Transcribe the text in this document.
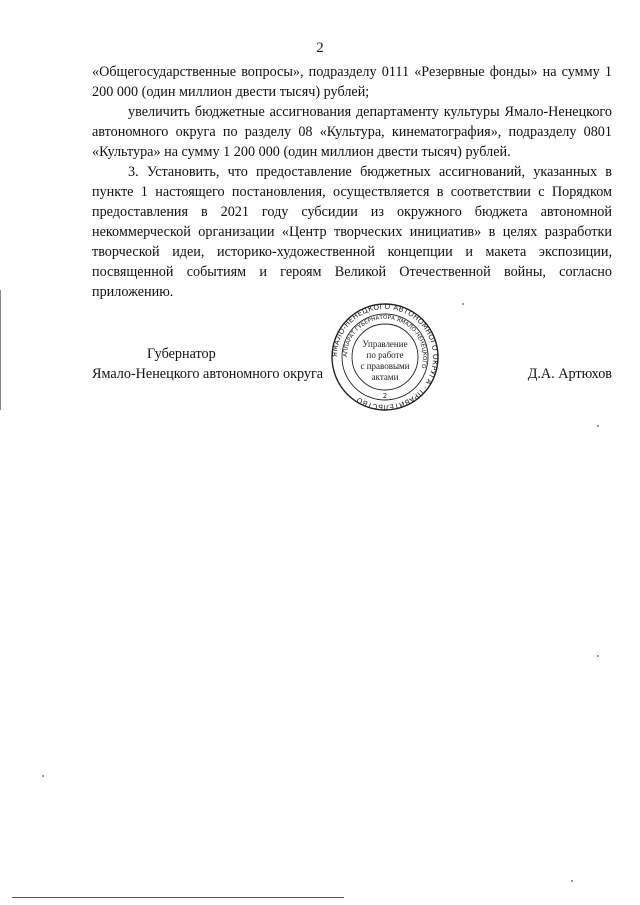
2

«Общегосударственные вопросы», подразделу 0111 «Резервные фонды» на сумму 1 200 000 (один миллион двести тысяч) рублей;

увеличить бюджетные ассигнования департаменту культуры Ямало-Ненецкого автономного округа по разделу 08 «Культура, кинематография», подразделу 0801 «Культура» на сумму 1 200 000 (один миллион двести тысяч) рублей.

3. Установить, что предоставление бюджетных ассигнований, указанных в пункте 1 настоящего постановления, осуществляется в соответствии с Порядком предоставления в 2021 году субсидии из окружного бюджета автономной некоммерческой организации «Центр творческих инициатив» в целях разработки творческой идеи, историко-художественной концепции и макета экспозиции, посвященной событиям и героям Великой Отечественной войны, согласно приложению.

Губернатор
Ямало-Ненецкого автономного округа	Д.А. Артюхов
ЯМАЛО-НЕНЕЦКОГО АВТОНОМНОГО ОКРУГА · ПРАВИТЕЛЬСТВО
АППАРАТ ГУБЕРНАТОРА ЯМАЛО-НЕНЕЦКОГО
2
Управление
по работе
с правовыми
актами
